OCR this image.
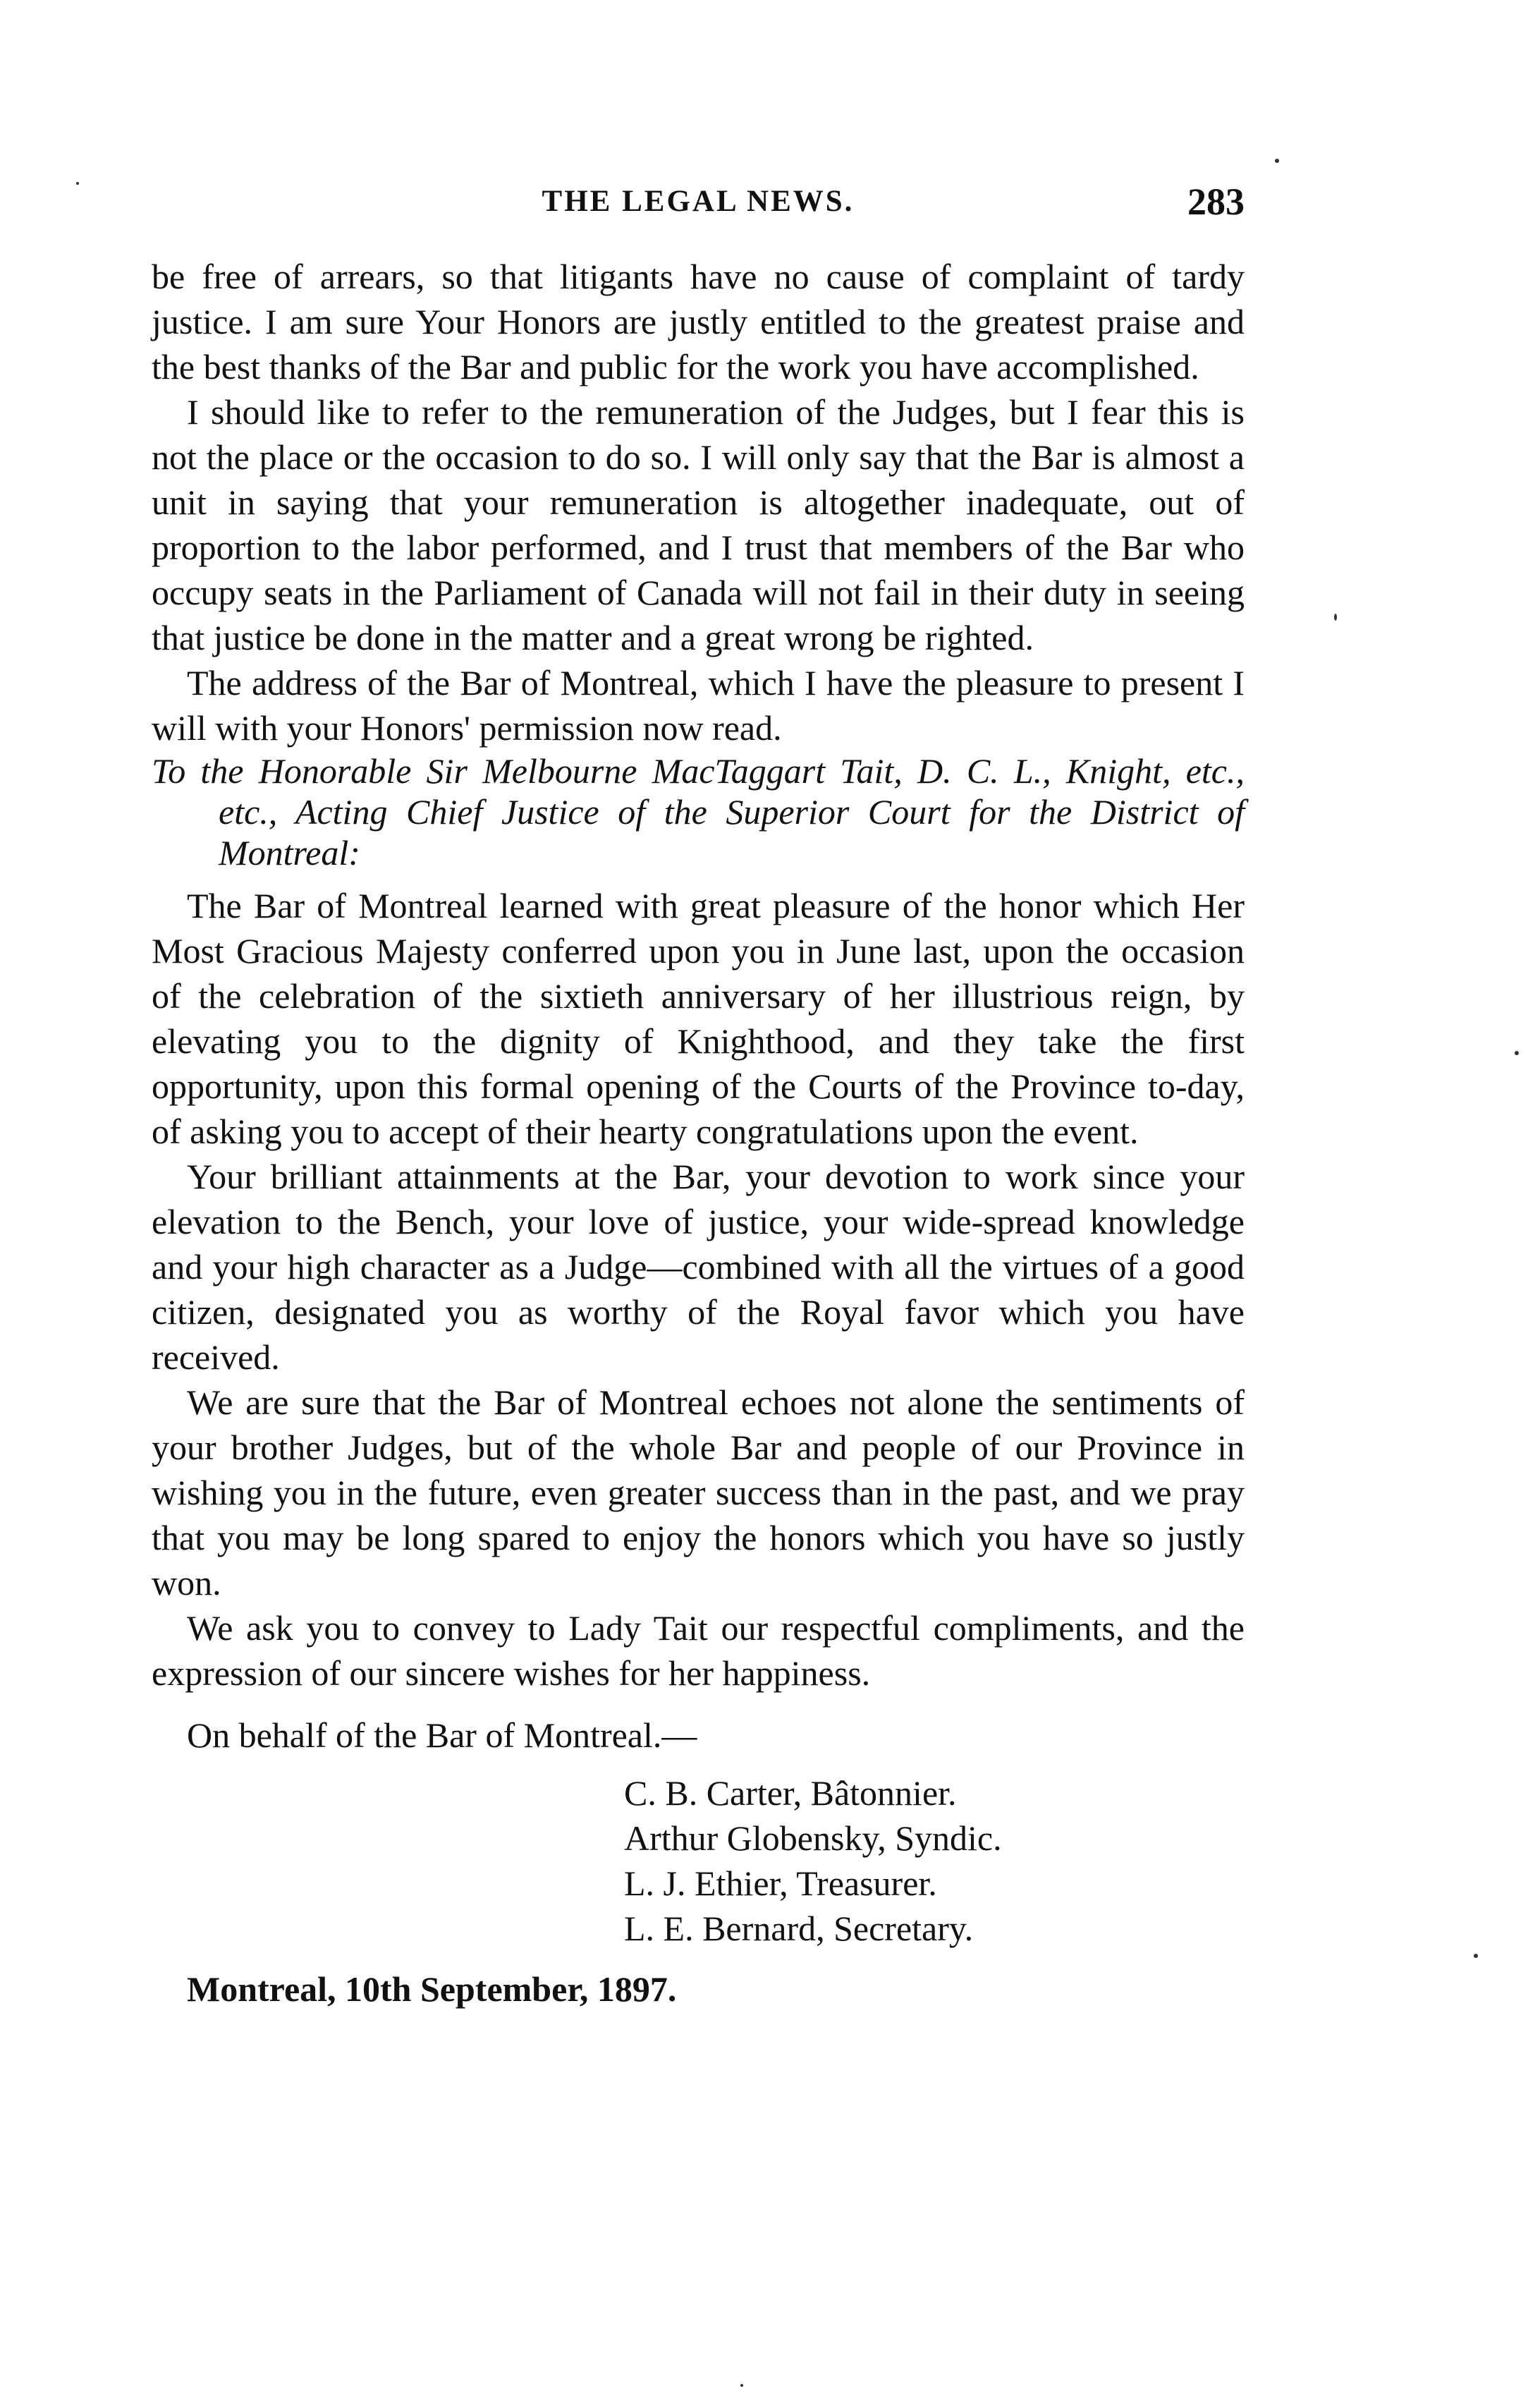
THE LEGAL NEWS.	283

be free of arrears, so that litigants have no cause of complaint of tardy justice. I am sure Your Honors are justly entitled to the greatest praise and the best thanks of the Bar and public for the work you have accomplished.

I should like to refer to the remuneration of the Judges, but I fear this is not the place or the occasion to do so. I will only say that the Bar is almost a unit in saying that your remuneration is altogether inadequate, out of proportion to the labor performed, and I trust that members of the Bar who occupy seats in the Parliament of Canada will not fail in their duty in seeing that justice be done in the matter and a great wrong be righted.

The address of the Bar of Montreal, which I have the pleasure to present I will with your Honors' permission now read.

To the Honorable Sir Melbourne MacTaggart Tait, D. C. L., Knight, etc., etc., Acting Chief Justice of the Superior Court for the District of Montreal:

The Bar of Montreal learned with great pleasure of the honor which Her Most Gracious Majesty conferred upon you in June last, upon the occasion of the celebration of the sixtieth anniversary of her illustrious reign, by elevating you to the dignity of Knighthood, and they take the first opportunity, upon this formal opening of the Courts of the Province to-day, of asking you to accept of their hearty congratulations upon the event.

Your brilliant attainments at the Bar, your devotion to work since your elevation to the Bench, your love of justice, your wide-spread knowledge and your high character as a Judge—combined with all the virtues of a good citizen, designated you as worthy of the Royal favor which you have received.

We are sure that the Bar of Montreal echoes not alone the sentiments of your brother Judges, but of the whole Bar and people of our Province in wishing you in the future, even greater success than in the past, and we pray that you may be long spared to enjoy the honors which you have so justly won.

We ask you to convey to Lady Tait our respectful compliments, and the expression of our sincere wishes for her happiness.

On behalf of the Bar of Montreal.—

C. B. Carter, Bâtonnier.

Arthur Globensky, Syndic.

L. J. Ethier, Treasurer.

L. E. Bernard, Secretary.

Montreal, 10th September, 1897.
